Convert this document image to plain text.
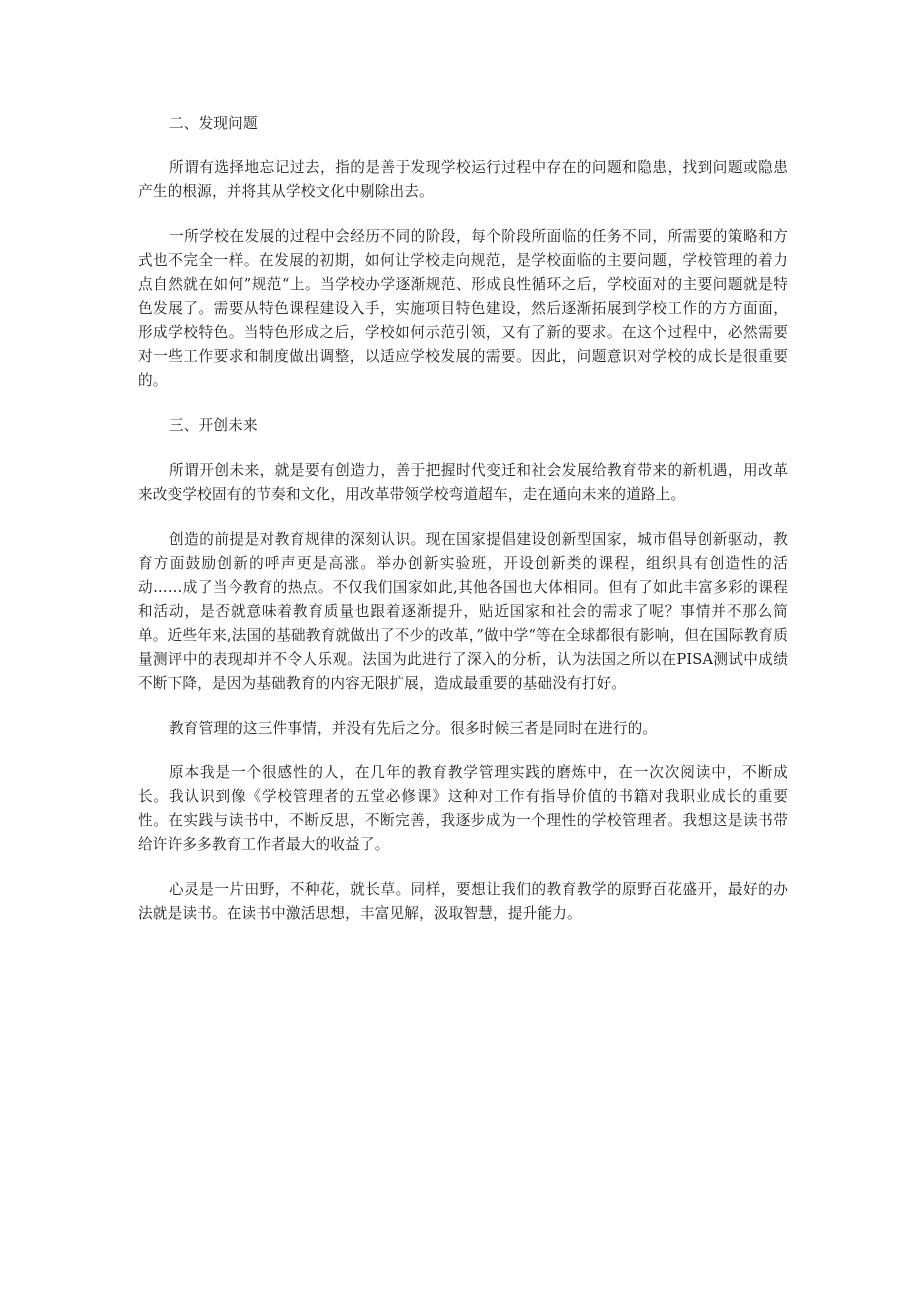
二、发现问题

所谓有选择地忘记过去，指的是善于发现学校运行过程中存在的问题和隐患，找到问题或隐患产生的根源，并将其从学校文化中剔除出去。

一所学校在发展的过程中会经历不同的阶段，每个阶段所面临的任务不同，所需要的策略和方式也不完全一样。在发展的初期，如何让学校走向规范，是学校面临的主要问题，学校管理的着力点自然就在如何”规范“上。当学校办学逐渐规范、形成良性循环之后，学校面对的主要问题就是特色发展了。需要从特色课程建设入手，实施项目特色建设，然后逐渐拓展到学校工作的方方面面，形成学校特色。当特色形成之后，学校如何示范引领，又有了新的要求。在这个过程中，必然需要对一些工作要求和制度做出调整，以适应学校发展的需要。因此，问题意识对学校的成长是很重要的。

三、开创未来

所谓开创未来，就是要有创造力，善于把握时代变迁和社会发展给教育带来的新机遇，用改革来改变学校固有的节奏和文化，用改革带领学校弯道超车，走在通向未来的道路上。

创造的前提是对教育规律的深刻认识。现在国家提倡建设创新型国家，城市倡导创新驱动，教育方面鼓励创新的呼声更是高涨。举办创新实验班，开设创新类的课程，组织具有创造性的活动……成了当今教育的热点。不仅我们国家如此,其他各国也大体相同。但有了如此丰富多彩的课程和活动，是否就意味着教育质量也跟着逐渐提升，贴近国家和社会的需求了呢？事情并不那么简单。近些年来,法国的基础教育就做出了不少的改革，”做中学“等在全球都很有影响，但在国际教育质量测评中的表现却并不令人乐观。法国为此进行了深入的分析，认为法国之所以在PISA测试中成绩不断下降，是因为基础教育的内容无限扩展，造成最重要的基础没有打好。

教育管理的这三件事情，并没有先后之分。很多时候三者是同时在进行的。

原本我是一个很感性的人，在几年的教育教学管理实践的磨炼中，在一次次阅读中，不断成长。我认识到像《学校管理者的五堂必修课》这种对工作有指导价值的书籍对我职业成长的重要性。在实践与读书中，不断反思，不断完善，我逐步成为一个理性的学校管理者。我想这是读书带给许许多多教育工作者最大的收益了。

心灵是一片田野，不种花，就长草。同样，要想让我们的教育教学的原野百花盛开，最好的办法就是读书。在读书中激活思想，丰富见解，汲取智慧，提升能力。
